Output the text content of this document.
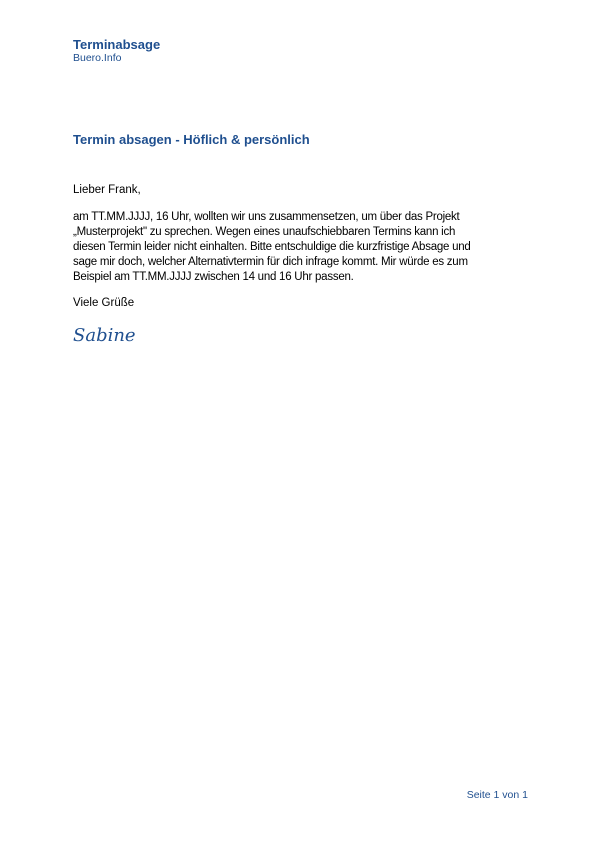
Terminabsage

Buero.Info

Termin absagen - Höflich & persönlich

Lieber Frank,

am TT.MM.JJJJ, 16 Uhr, wollten wir uns zusammensetzen, um über das Projekt
„Musterprojekt" zu sprechen. Wegen eines unaufschiebbaren Termins kann ich
diesen Termin leider nicht einhalten. Bitte entschuldige die kurzfristige Absage und
sage mir doch, welcher Alternativtermin für dich infrage kommt. Mir würde es zum
Beispiel am TT.MM.JJJJ zwischen 14 und 16 Uhr passen.

Viele Grüße

Sabine

Seite 1 von 1
